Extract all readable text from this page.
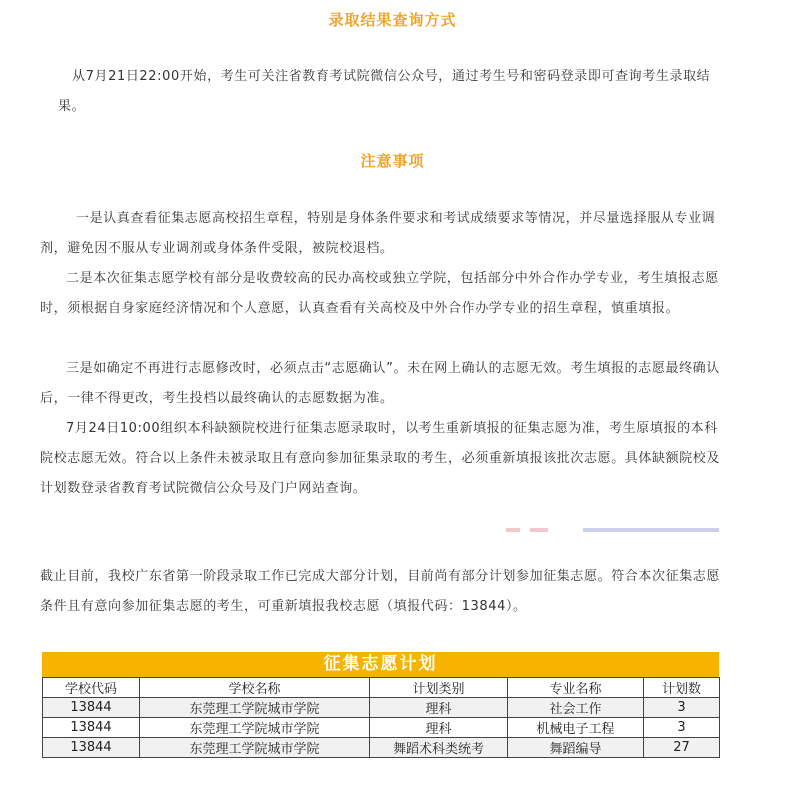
录取结果查询方式

从7月21日22:00开始，考生可关注省教育考试院微信公众号，通过考生号和密码登录即可查询考生录取结果。

注意事项

一是认真查看征集志愿高校招生章程，特别是身体条件要求和考试成绩要求等情况，并尽量选择服从专业调剂，避免因不服从专业调剂或身体条件受限，被院校退档。

二是本次征集志愿学校有部分是收费较高的民办高校或独立学院，包括部分中外合作办学专业，考生填报志愿时，须根据自身家庭经济情况和个人意愿，认真查看有关高校及中外合作办学专业的招生章程，慎重填报。

三是如确定不再进行志愿修改时，必须点击“志愿确认”。未在网上确认的志愿无效。考生填报的志愿最终确认后，一律不得更改，考生投档以最终确认的志愿数据为准。

7月24日10:00组织本科缺额院校进行征集志愿录取时，以考生重新填报的征集志愿为准，考生原填报的本科院校志愿无效。符合以上条件未被录取且有意向参加征集录取的考生，必须重新填报该批次志愿。具体缺额院校及计划数登录省教育考试院微信公众号及门户网站查询。

截止目前，我校广东省第一阶段录取工作已完成大部分计划，目前尚有部分计划参加征集志愿。符合本次征集志愿条件且有意向参加征集志愿的考生，可重新填报我校志愿（填报代码：13844）。

征集志愿计划
学校代码	学校名称	计划类别	专业名称	计划数
13844	东莞理工学院城市学院	理科	社会工作	3
13844	东莞理工学院城市学院	理科	机械电子工程	3
13844	东莞理工学院城市学院	舞蹈术科类统考	舞蹈编导	27
